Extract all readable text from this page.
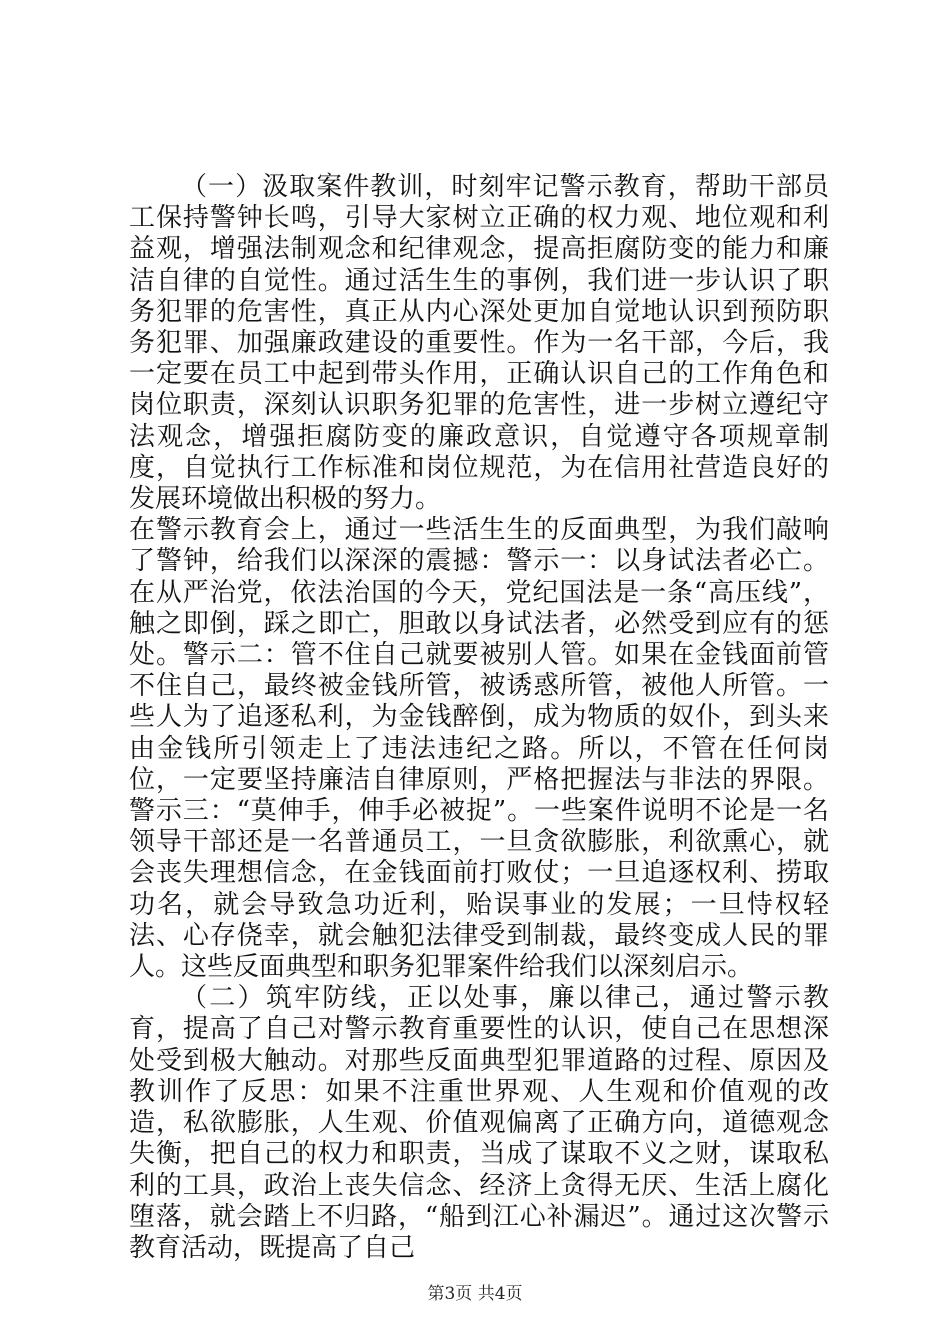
（一）汲取案件教训，时刻牢记警示教育，帮助干部员工保持警钟长鸣，引导大家树立正确的权力观、地位观和利益观，增强法制观念和纪律观念，提高拒腐防变的能力和廉洁自律的自觉性。通过活生生的事例，我们进一步认识了职务犯罪的危害性，真正从内心深处更加自觉地认识到预防职务犯罪、加强廉政建设的重要性。作为一名干部，今后，我一定要在员工中起到带头作用，正确认识自己的工作角色和岗位职责，深刻认识职务犯罪的危害性，进一步树立遵纪守法观念，增强拒腐防变的廉政意识，自觉遵守各项规章制度，自觉执行工作标准和岗位规范，为在信用社营造良好的发展环境做出积极的努力。

在警示教育会上，通过一些活生生的反面典型，为我们敲响了警钟，给我们以深深的震撼：警示一：以身试法者必亡。在从严治党，依法治国的今天，党纪国法是一条“高压线”，触之即倒，踩之即亡，胆敢以身试法者，必然受到应有的惩处。警示二：管不住自己就要被别人管。如果在金钱面前管不住自己，最终被金钱所管，被诱惑所管，被他人所管。一些人为了追逐私利，为金钱醉倒，成为物质的奴仆，到头来由金钱所引领走上了违法违纪之路。所以，不管在任何岗位，一定要坚持廉洁自律原则，严格把握法与非法的界限。警示三：“莫伸手，伸手必被捉”。一些案件说明不论是一名领导干部还是一名普通员工，一旦贪欲膨胀，利欲熏心，就会丧失理想信念，在金钱面前打败仗；一旦追逐权利、捞取功名，就会导致急功近利，贻误事业的发展；一旦恃权轻法、心存侥幸，就会触犯法律受到制裁，最终变成人民的罪人。这些反面典型和职务犯罪案件给我们以深刻启示。

（二）筑牢防线，正以处事，廉以律己，通过警示教育，提高了自己对警示教育重要性的认识，使自己在思想深处受到极大触动。对那些反面典型犯罪道路的过程、原因及教训作了反思：如果不注重世界观、人生观和价值观的改造，私欲膨胀，人生观、价值观偏离了正确方向，道德观念失衡，把自己的权力和职责，当成了谋取不义之财，谋取私利的工具，政治上丧失信念、经济上贪得无厌、生活上腐化堕落，就会踏上不归路，“船到江心补漏迟”。通过这次警示教育活动，既提高了自己

第3页 共4页
